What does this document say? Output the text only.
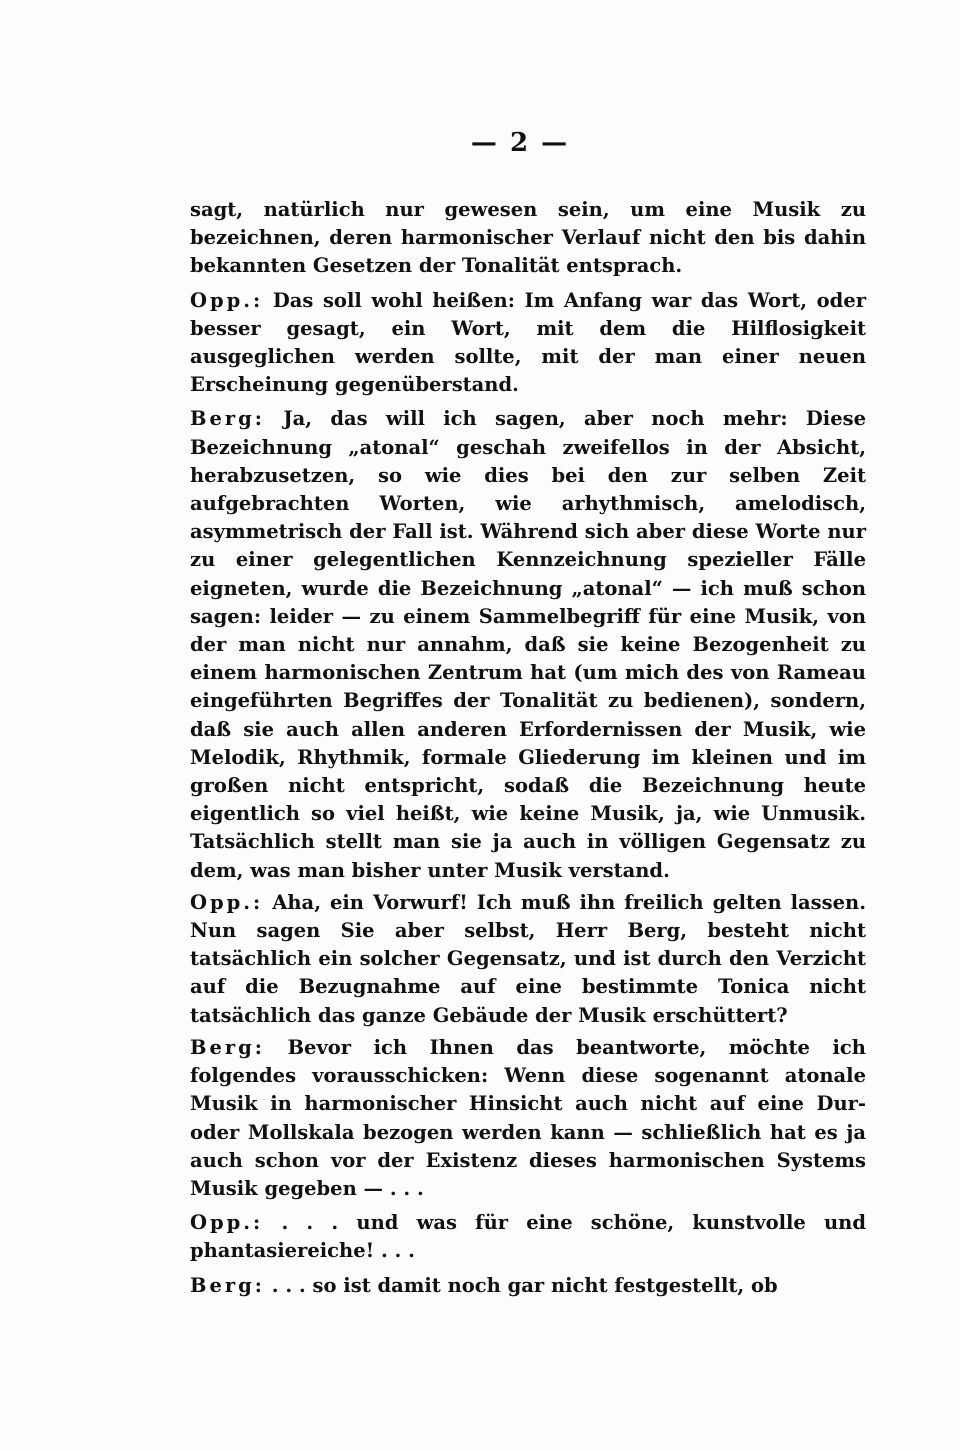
— 2 —

sagt, natürlich nur gewesen sein, um eine Musik zu bezeichnen, deren harmonischer Verlauf nicht den bis dahin bekannten Gesetzen der Tonalität entsprach.

Opp.: Das soll wohl heißen: Im Anfang war das Wort, oder besser gesagt, ein Wort, mit dem die Hilflosigkeit ausgeglichen werden sollte, mit der man einer neuen Erscheinung gegenüberstand.

Berg: Ja, das will ich sagen, aber noch mehr: Diese Bezeichnung „atonal“ geschah zweifellos in der Absicht, herabzusetzen, so wie dies bei den zur selben Zeit aufgebrachten Worten, wie arhythmisch, amelodisch, asymmetrisch der Fall ist. Während sich aber diese Worte nur zu einer gelegentlichen Kennzeichnung spezieller Fälle eigneten, wurde die Bezeichnung „atonal“ — ich muß schon sagen: leider — zu einem Sammelbegriff für eine Musik, von der man nicht nur annahm, daß sie keine Bezogenheit zu einem harmonischen Zentrum hat (um mich des von Rameau eingeführten Begriffes der Tonalität zu bedienen), sondern, daß sie auch allen anderen Erfordernissen der Musik, wie Melodik, Rhythmik, formale Gliederung im kleinen und im großen nicht entspricht, sodaß die Bezeichnung heute eigentlich so viel heißt, wie keine Musik, ja, wie Unmusik. Tatsächlich stellt man sie ja auch in völligen Gegensatz zu dem, was man bisher unter Musik verstand.

Opp.: Aha, ein Vorwurf! Ich muß ihn freilich gelten lassen. Nun sagen Sie aber selbst, Herr Berg, besteht nicht tatsächlich ein solcher Gegensatz, und ist durch den Verzicht auf die Bezugnahme auf eine bestimmte Tonica nicht tatsächlich das ganze Gebäude der Musik erschüttert?

Berg: Bevor ich Ihnen das beantworte, möchte ich folgendes vorausschicken: Wenn diese sogenannt atonale Musik in harmonischer Hinsicht auch nicht auf eine Dur- oder Mollskala bezogen werden kann — schließlich hat es ja auch schon vor der Existenz dieses harmonischen Systems Musik gegeben — . . .

Opp.: . . . und was für eine schöne, kunstvolle und phantasiereiche! . . .

Berg: . . . so ist damit noch gar nicht festgestellt, ob
